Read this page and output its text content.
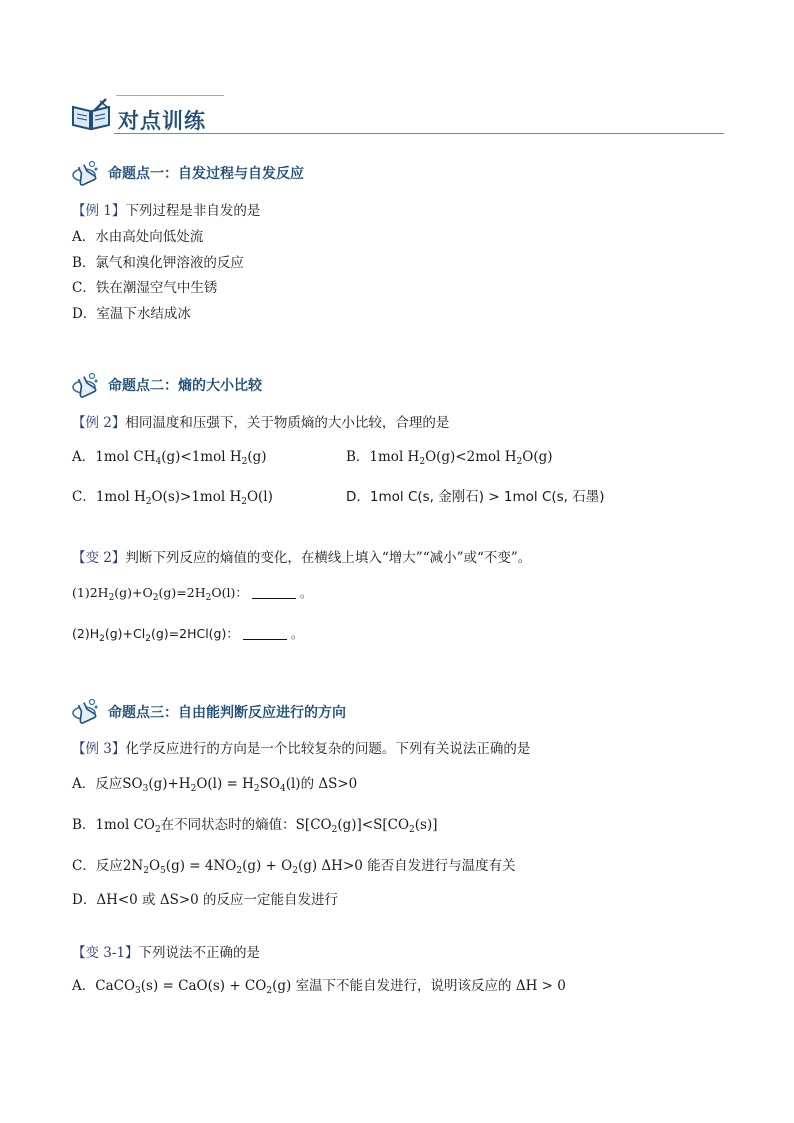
对点训练
命题点一：自发过程与自发反应
【例 1】下列过程是非自发的是
A．水由高处向低处流
B．氯气和溴化钾溶液的反应
C．铁在潮湿空气中生锈
D．室温下水结成冰
命题点二：熵的大小比较
【例 2】相同温度和压强下，关于物质熵的大小比较，合理的是
A．1mol $CH_4(g)<1mol$ $H_2(g)$	B．1mol $H_2O(g)<2mol$ $H_2O(g)$
C．1mol $H_2O(s)>1mol$ $H_2O(l)$	D．1mol C(s, 金刚石) > 1mol C(s, 石墨)
【变 2】判断下列反应的熵值的变化，在横线上填入“增大”“减小”或“不变”。
$(1)2H_2(g)+O_2(g)=2H_2O(l)$：	。
$(2)H_2(g)+Cl_2(g)=2HCl(g)$：	。
命题点三：自由能判断反应进行的方向
【例 3】化学反应进行的方向是一个比较复杂的问题。下列有关说法正确的是
A．反应$SO_3(g)+H_2O(l) = H_2SO_4(l)$的 ΔS>0
B．1mol $CO_2$在不同状态时的熵值：$S[CO_2(g)]<S[CO_2(s)]$
C．反应$2N_2O_5(g) = 4NO_2(g) + O_2(g)$ ΔH>0 能否自发进行与温度有关
D．ΔH<0 或 ΔS>0 的反应一定能自发进行
【变 3-1】下列说法不正确的是
A．CaCO$_3$(s) = $CaO(s) + CO_2(g)$ 室温下不能自发进行，说明该反应的 ΔH > 0
